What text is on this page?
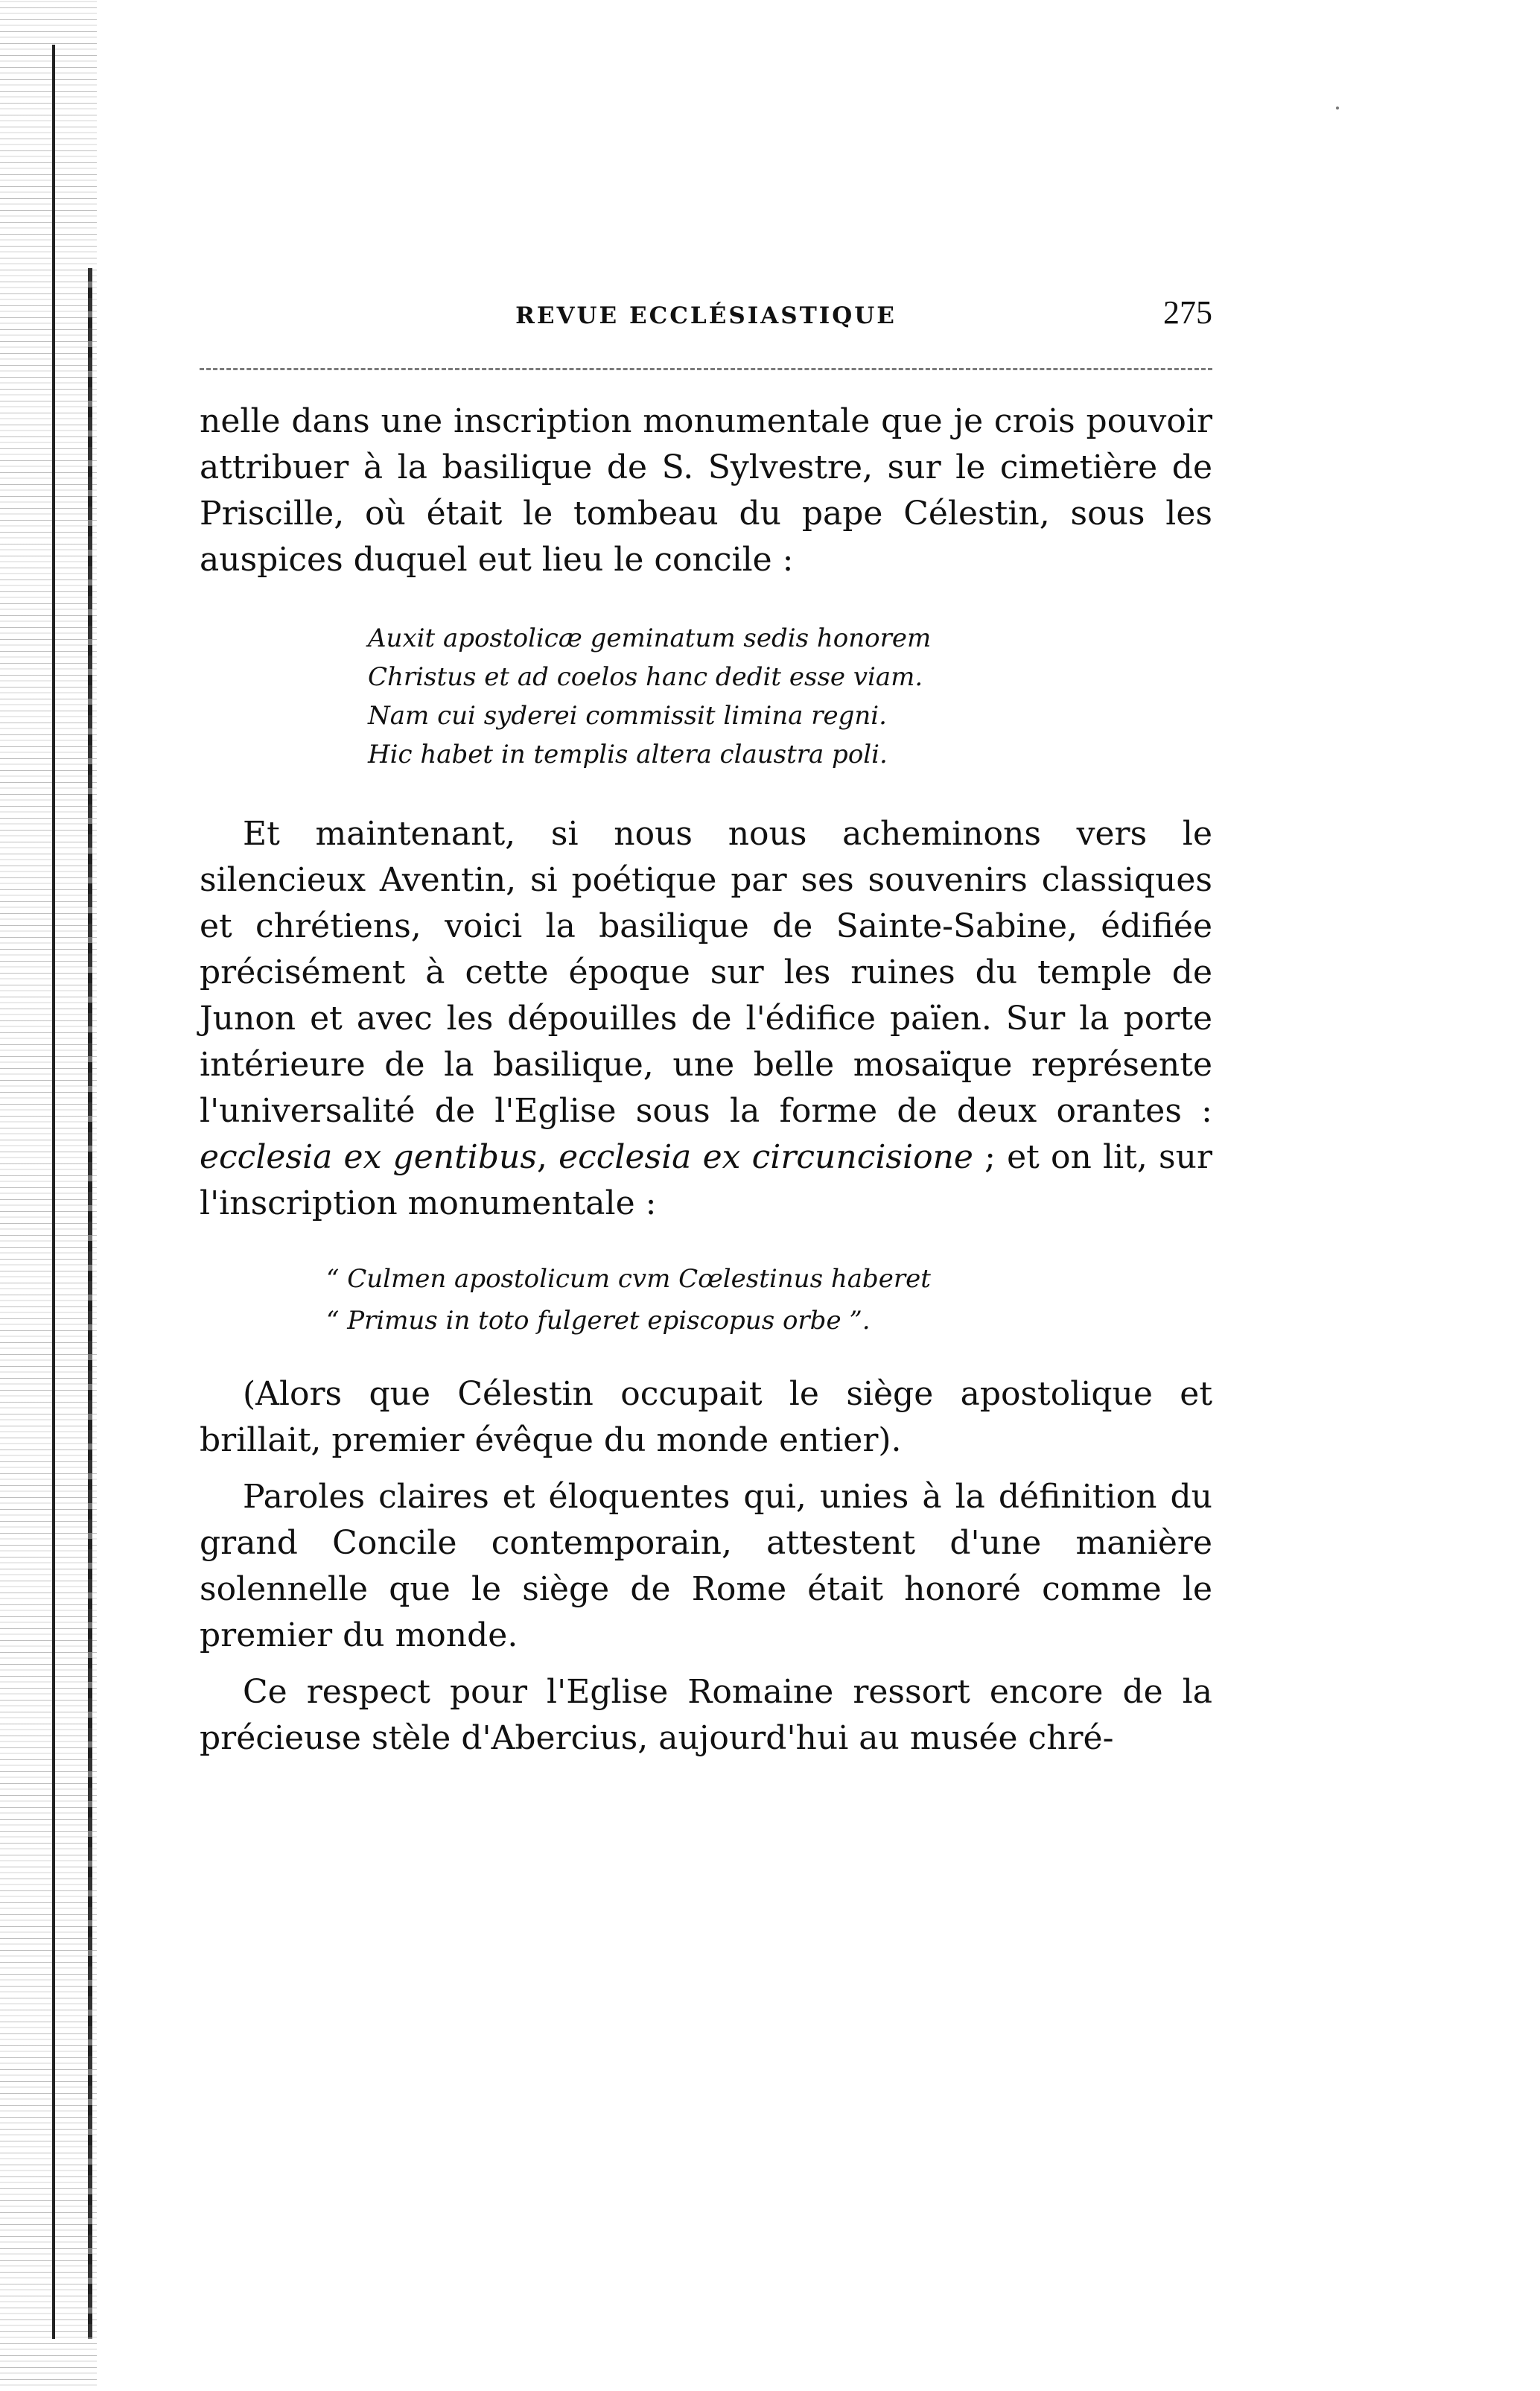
REVUE ECCLÉSIASTIQUE	275

nelle dans une inscription monumentale que je crois pouvoir attribuer à la basilique de S. Sylvestre, sur le cimetière de Priscille, où était le tombeau du pape Célestin, sous les auspices duquel eut lieu le concile :

Auxit apostolicæ geminatum sedis honorem
Christus et ad coelos hanc dedit esse viam.
Nam cui syderei commissit limina regni.
Hic habet in templis altera claustra poli.

Et maintenant, si nous nous acheminons vers le silencieux Aventin, si poétique par ses souvenirs classiques et chrétiens, voici la basilique de Sainte-Sabine, édifiée précisément à cette époque sur les ruines du temple de Junon et avec les dépouilles de l'édifice païen. Sur la porte intérieure de la basilique, une belle mosaïque représente l'universalité de l'Eglise sous la forme de deux orantes : ecclesia ex gentibus, ecclesia ex circuncisione ; et on lit, sur l'inscription monumentale :

“ Culmen apostolicum cvm Cœlestinus haberet
“ Primus in toto fulgeret episcopus orbe ”.

(Alors que Célestin occupait le siège apostolique et brillait, premier évêque du monde entier).

Paroles claires et éloquentes qui, unies à la définition du grand Concile contemporain, attestent d'une manière solennelle que le siège de Rome était honoré comme le premier du monde.

Ce respect pour l'Eglise Romaine ressort encore de la précieuse stèle d'Abercius, aujourd'hui au musée chré-
